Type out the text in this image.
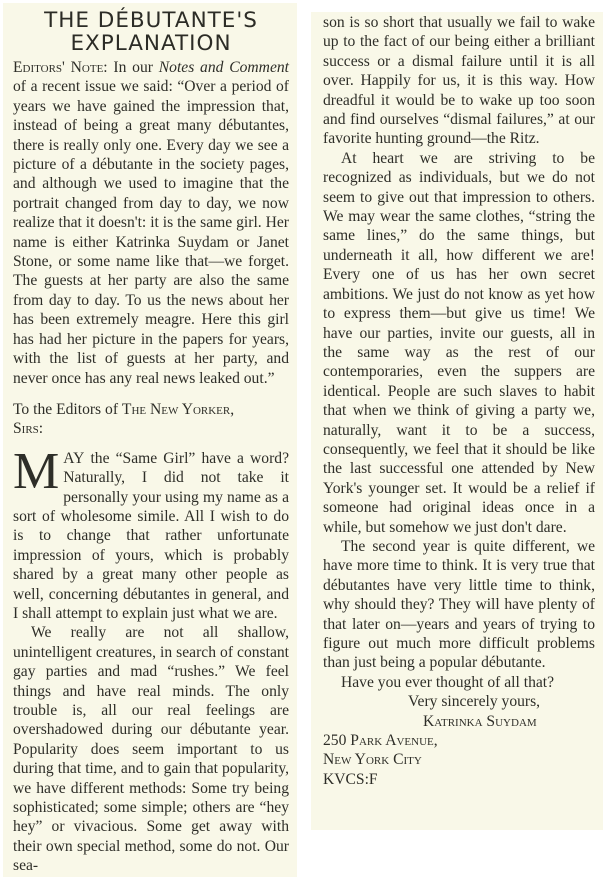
THE DÉBUTANTE'S
EXPLANATION

Editors' Note: In our Notes and Comment of a recent issue we said: “Over a period of years we have gained the impression that, instead of being a great many débutantes, there is really only one. Every day we see a picture of a débutante in the society pages, and although we used to imagine that the portrait changed from day to day, we now realize that it doesn't: it is the same girl. Her name is either Katrinka Suydam or Janet Stone, or some name like that—we forget. The guests at her party are also the same from day to day. To us the news about her has been extremely meagre. Here this girl has had her picture in the papers for years, with the list of guests at her party, and never once has any real news leaked out.”

To the Editors of The New Yorker,
Sirs:

MAY the “Same Girl” have a word? Naturally, I did not take it personally your using my name as a sort of wholesome simile. All I wish to do is to change that rather unfortunate impression of yours, which is probably shared by a great many other people as well, concerning débutantes in general, and I shall attempt to explain just what we are.

We really are not all shallow, unintelligent creatures, in search of constant gay parties and mad “rushes.” We feel things and have real minds. The only trouble is, all our real feelings are overshadowed during our débutante year. Popularity does seem important to us during that time, and to gain that popularity, we have different methods: Some try being sophisticated; some simple; others are “hey hey” or vivacious. Some get away with their own special method, some do not. Our sea-

son is so short that usually we fail to wake up to the fact of our being either a brilliant success or a dismal failure until it is all over. Happily for us, it is this way. How dreadful it would be to wake up too soon and find ourselves “dismal failures,” at our favorite hunting ground—the Ritz.

At heart we are striving to be recognized as individuals, but we do not seem to give out that impression to others. We may wear the same clothes, “string the same lines,” do the same things, but underneath it all, how different we are! Every one of us has her own secret ambitions. We just do not know as yet how to express them—but give us time! We have our parties, invite our guests, all in the same way as the rest of our contemporaries, even the suppers are identical. People are such slaves to habit that when we think of giving a party we, naturally, want it to be a success, consequently, we feel that it should be like the last successful one attended by New York's younger set. It would be a relief if someone had original ideas once in a while, but somehow we just don't dare.

The second year is quite different, we have more time to think. It is very true that débutantes have very little time to think, why should they? They will have plenty of that later on—years and years of trying to figure out much more difficult problems than just being a popular débutante.

Have you ever thought of all that?
Very sincerely yours,
Katrinka Suydam
250 Park Avenue,
New York City
KVCS:F
